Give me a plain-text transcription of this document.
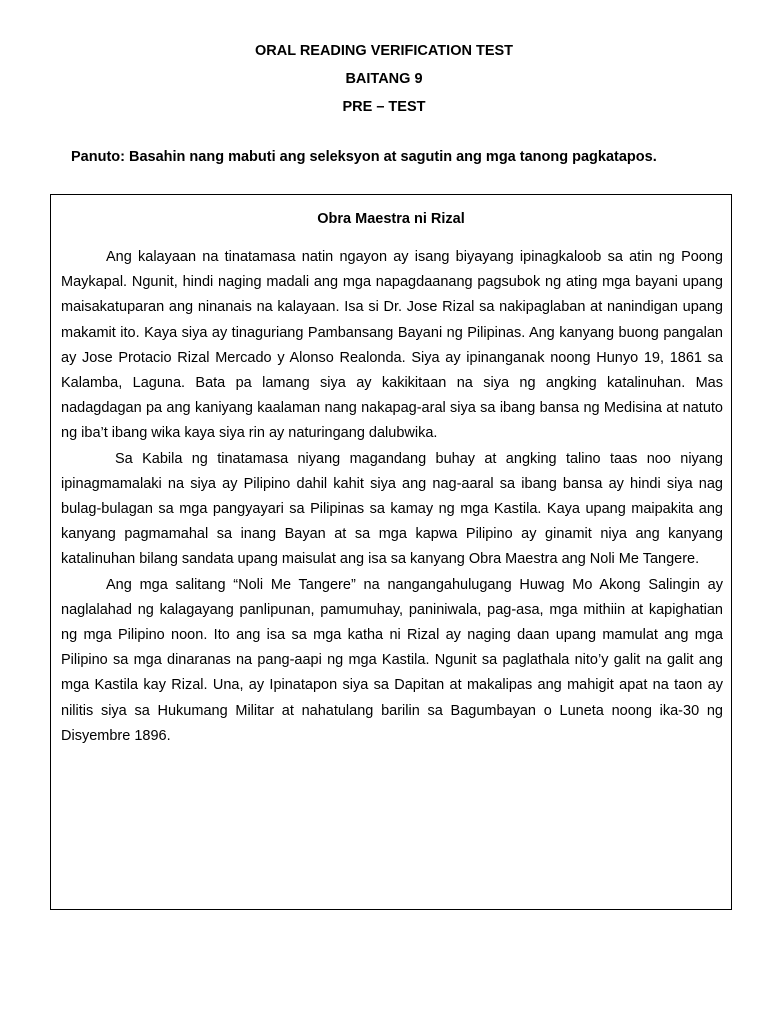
ORAL READING VERIFICATION TEST
BAITANG 9
PRE – TEST
Panuto: Basahin nang mabuti ang seleksyon at sagutin ang mga tanong pagkatapos.
Obra Maestra ni Rizal

Ang kalayaan na tinatamasa natin ngayon ay isang biyayang ipinagkaloob sa atin ng Poong Maykapal. Ngunit, hindi naging madali ang mga napagdaanang pagsubok ng ating mga bayani upang maisakatuparan ang ninanais na kalayaan. Isa si Dr. Jose Rizal sa nakipaglaban at nanindigan upang makamit ito. Kaya siya ay tinaguriang Pambansang Bayani ng Pilipinas. Ang kanyang buong pangalan ay Jose Protacio Rizal Mercado y Alonso Realonda. Siya ay ipinanganak noong Hunyo 19, 1861 sa Kalamba, Laguna. Bata pa lamang siya ay kakikitaan na siya ng angking katalinuhan. Mas nadagdagan pa ang kaniyang kaalaman nang nakapag-aral siya sa ibang bansa ng Medisina at natuto ng iba’t ibang wika kaya siya rin ay naturingang dalubwika.

Sa Kabila ng tinatamasa niyang magandang buhay at angking talino taas noo niyang ipinagmamalaki na siya ay Pilipino dahil kahit siya ang nag-aaral sa ibang bansa ay hindi siya nag bulag-bulagan sa mga pangyayari sa Pilipinas sa kamay ng mga Kastila. Kaya upang maipakita ang kanyang pagmamahal sa inang Bayan at sa mga kapwa Pilipino ay ginamit niya ang kanyang katalinuhan bilang sandata upang maisulat ang isa sa kanyang Obra Maestra ang Noli Me Tangere.

Ang mga salitang “Noli Me Tangere” na nangangahulugang Huwag Mo Akong Salingin ay naglalahad ng kalagayang panlipunan, pamumuhay, paniniwala, pag-asa, mga mithiin at kapighatian ng mga Pilipino noon. Ito ang isa sa mga katha ni Rizal ay naging daan upang mamulat ang mga Pilipino sa mga dinaranas na pang-aapi ng mga Kastila. Ngunit sa paglathala nito’y galit na galit ang mga Kastila kay Rizal. Una, ay Ipinatapon siya sa Dapitan at makalipas ang mahigit apat na taon ay nilitis siya sa Hukumang Militar at nahatulang barilin sa Bagumbayan o Luneta noong ika-30 ng Disyembre 1896.
